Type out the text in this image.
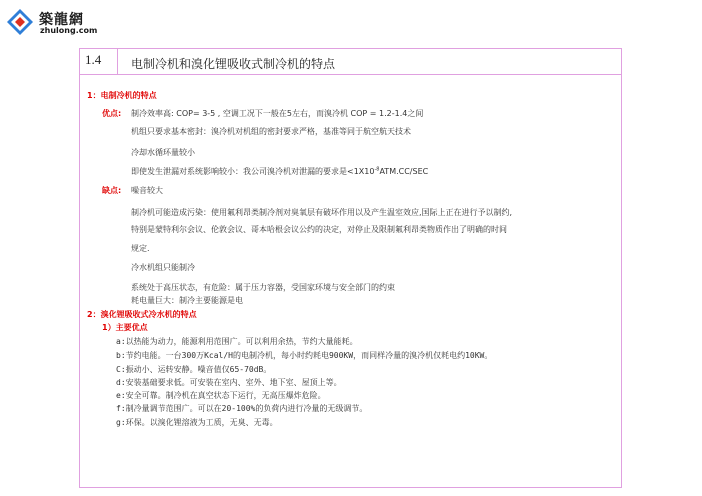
築龍網
zhulong.com
1.4 电制冷机和溴化锂吸收式制冷机的特点
1：电制冷机的特点
优点: 制冷效率高: COP= 3-5 , 空调工况下一般在5左右，而溴冷机 COP = 1.2-1.4之间
机组只要求基本密封：溴冷机对机组的密封要求严格，基准等同于航空航天技术
冷却水循环量较小
即使发生泄漏对系统影响较小：我公司溴冷机对泄漏的要求是$<1X10^{-8}ATM.CC$/SEC
缺点: 噪音较大
制冷机可能造成污染：使用氟利昂类制冷剂对臭氧层有破坏作用以及产生温室效应,国际上正在进行予以制约,
特别是蒙特利尔会议、伦敦会议、哥本哈根会议公约的决定，对停止及限制氟利昂类物质作出了明确的时间
规定.
冷水机组只能制冷
系统处于高压状态，有危险：属于压力容器，受国家环境与安全部门的约束
耗电量巨大：制冷主要能源是电
2：溴化锂吸收式冷水机的特点
1）主要优点
a:以热能为动力，能源利用范围广。可以利用余热，节约大量能耗。
b:节约电能。一台300万Kcal/H的电制冷机，每小时约耗电900KW，而同样冷量的溴冷机仅耗电约10KW。
C:振动小、运转安静。噪音值仅65-70dB。
d:安装基础要求低。可安装在室内、室外、地下室、屋顶上等。
e:安全可靠。制冷机在真空状态下运行，无高压爆炸危险。
f:制冷量调节范围广。可以在20-100%的负荷内进行冷量的无级调节。
g:环保。以溴化锂溶液为工质，无臭、无毒。
